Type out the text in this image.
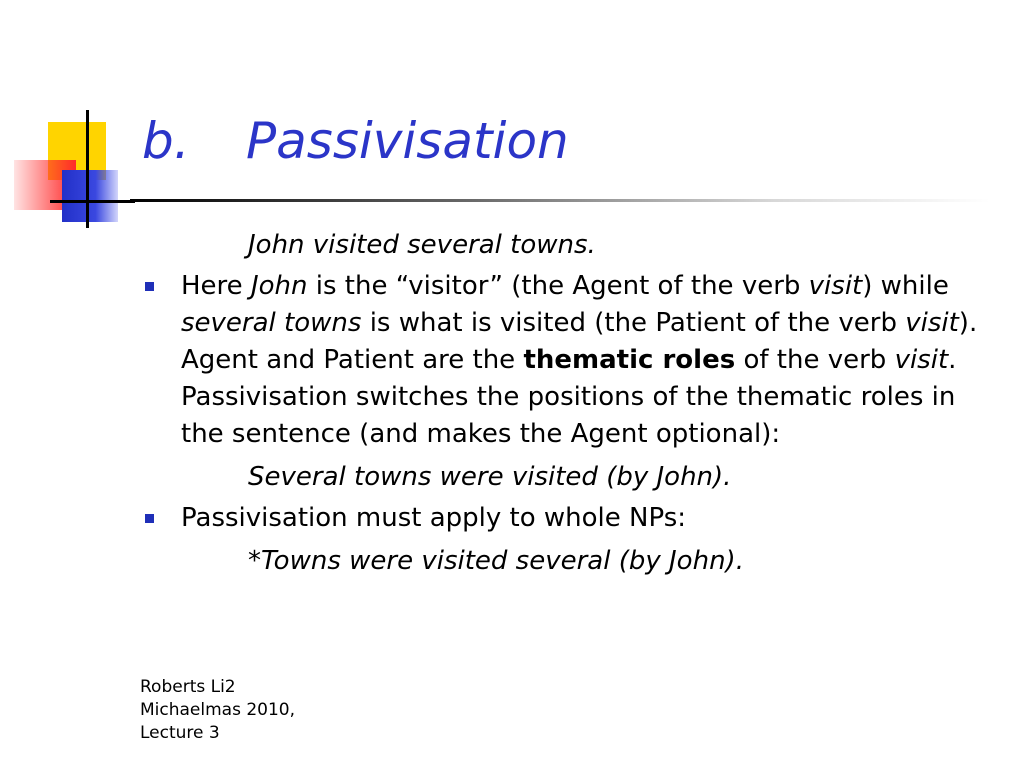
b. Passivisation
John visited several towns.
Here John is the “visitor” (the Agent of the verb visit) while several towns is what is visited (the Patient of the verb visit). Agent and Patient are the thematic roles of the verb visit. Passivisation switches the positions of the thematic roles in the sentence (and makes the Agent optional):
Several towns were visited (by John).
Passivisation must apply to whole NPs:
*Towns were visited several (by John).
Roberts Li2
Michaelmas 2010,
Lecture 3
